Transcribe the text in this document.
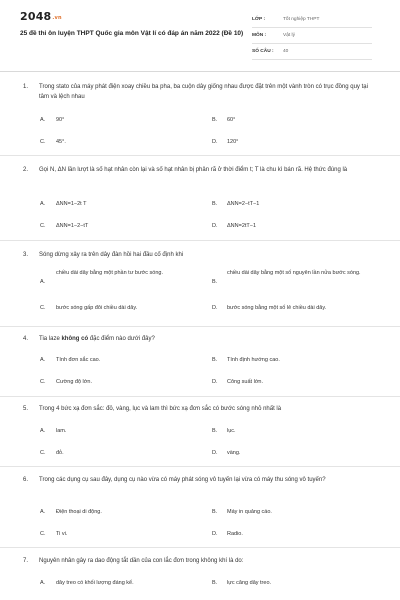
2048.vn
25 đề thi ôn luyện THPT Quốc gia môn Vật lí có đáp án năm 2022 (Đề 10)
LỚP :	Tốt nghiệp THPT
MÔN :	Vật lý
SỐ CÂU : 40
1. Trong stato của máy phát điện xoay chiều ba pha, ba cuộn dây giống nhau được đặt trên một vành tròn có trục đồng quy tại tâm và lệch nhau
A. 90°	B. 60°
C. 45°.	D. 120°
2. Gọi N, ΔN lần lượt là số hạt nhân còn lại và số hạt nhân bị phân rã ở thời điểm t; T là chu kì bán rã. Hệ thức đúng là
A. ΔNN=1−2t T	B. ΔNN=2−tT−1
C. ΔNN=1−2−tT	D. ΔNN=2tT−1
3. Sóng dừng xảy ra trên dây đàn hồi hai đầu cố định khi
A.
chiều dài dây bằng một phần tư bước sóng.
B.
chiều dài dây bằng một số nguyên lần nửa bước sóng.
C. bước sóng gấp đôi chiều dài dây.	D. bước sóng bằng một số lẻ chiều dài dây.
4. Tia laze không có đặc điểm nào dưới đây?
A. Tính đơn sắc cao.	B. Tính định hướng cao.
C. Cường độ lớn.	D. Công suất lớn.
5. Trong 4 bức xạ đơn sắc: đỏ, vàng, lục và lam thì bức xạ đơn sắc có bước sóng nhỏ nhất là
A. lam.	B. lục.
C. đỏ.	D. vàng.
6. Trong các dụng cụ sau đây, dụng cụ nào vừa có máy phát sóng vô tuyến lại vừa có máy thu sóng vô tuyến?
A. Điện thoại di động.	B. Máy in quảng cáo.
C. Ti vi.	D. Radio.
7. Nguyên nhân gây ra dao động tắt dần của con lắc đơn trong không khí là do:
A. dây treo có khối lượng đáng kể.	B. lực căng dây treo.
